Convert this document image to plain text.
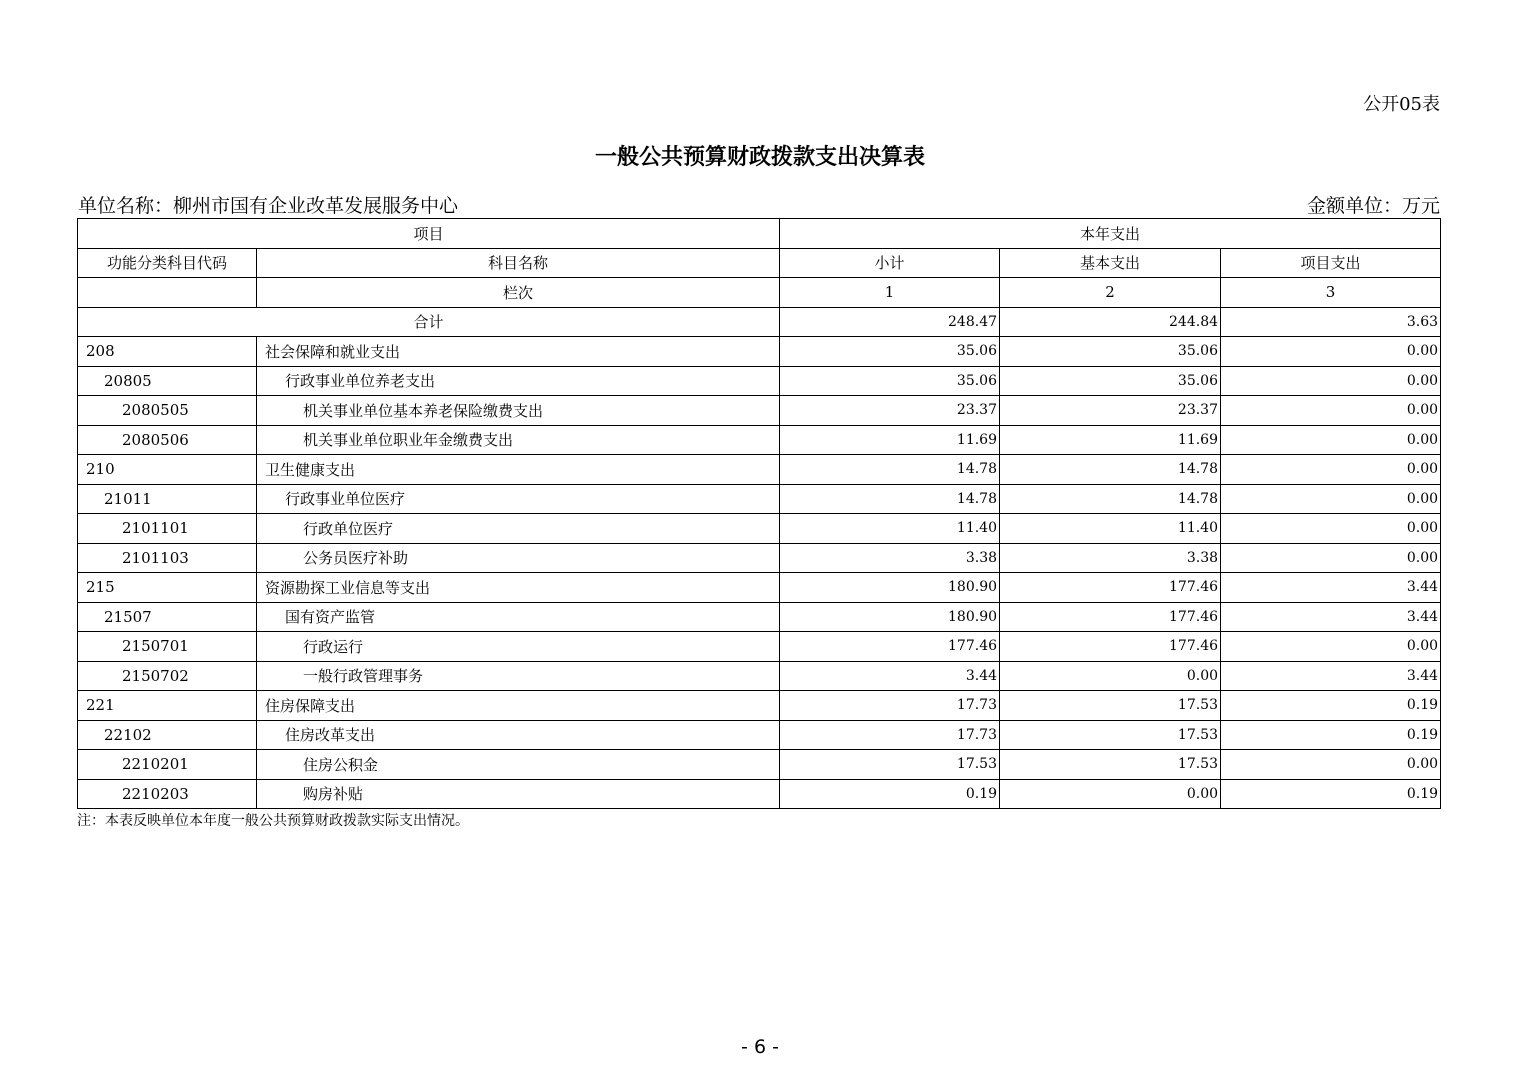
公开05表
一般公共预算财政拨款支出决算表
单位名称：柳州市国有企业改革发展服务中心	金额单位：万元
项目		本年支出		
功能分类科目代码	科目名称	小计	基本支出	项目支出
	栏次	1	2	3
合计		248.47	244.84	3.63
208	社会保障和就业支出	35.06	35.06	0.00
20805	行政事业单位养老支出	35.06	35.06	0.00
2080505	机关事业单位基本养老保险缴费支出	23.37	23.37	0.00
2080506	机关事业单位职业年金缴费支出	11.69	11.69	0.00
210	卫生健康支出	14.78	14.78	0.00
21011	行政事业单位医疗	14.78	14.78	0.00
2101101	行政单位医疗	11.40	11.40	0.00
2101103	公务员医疗补助	3.38	3.38	0.00
215	资源勘探工业信息等支出	180.90	177.46	3.44
21507	国有资产监管	180.90	177.46	3.44
2150701	行政运行	177.46	177.46	0.00
2150702	一般行政管理事务	3.44	0.00	3.44
221	住房保障支出	17.73	17.53	0.19
22102	住房改革支出	17.73	17.53	0.19
2210201	住房公积金	17.53	17.53	0.00
2210203	购房补贴	0.19	0.00	0.19
注：本表反映单位本年度一般公共预算财政拨款实际支出情况。
- 6 -
